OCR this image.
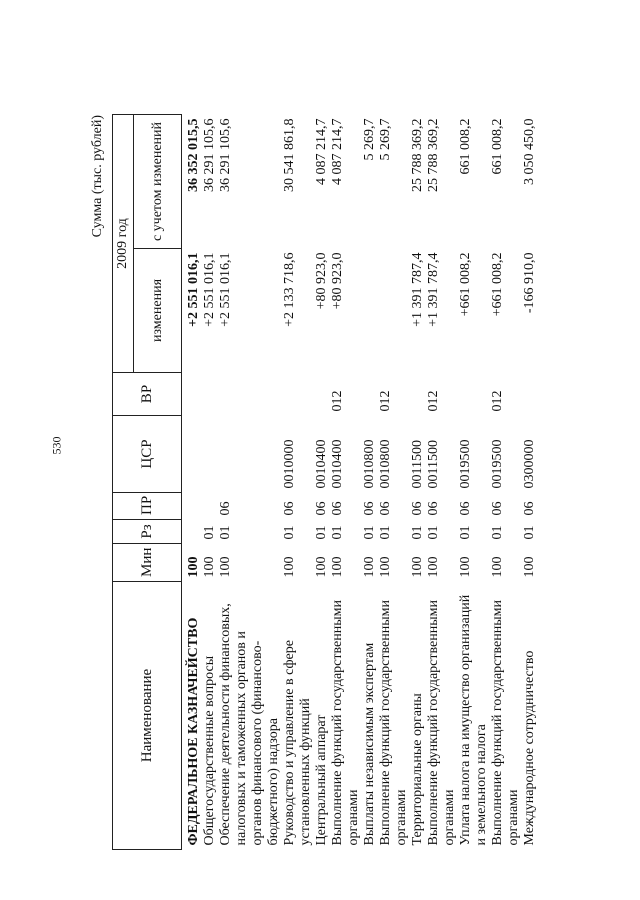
530
Сумма (тыс. рублей)
Наименование	Мин	Рз	ПР	ЦСР	ВР	2009 год	
						изменения	с учетом изменений
ФЕДЕРАЛЬНОЕ КАЗНАЧЕЙСТВО	100					+2 551 016,1	36 352 015,5
Общегосударственные вопросы	100	01				+2 551 016,1	36 291 105,6
Обеспечение деятельности финансовых, налоговых и таможенных органов и органов финансового (финансово-бюджетного) надзора	100	01	06			+2 551 016,1	36 291 105,6
Руководство и управление в сфере установленных функций	100	01	06	0010000		+2 133 718,6	30 541 861,8
Центральный аппарат	100	01	06	0010400		+80 923,0	4 087 214,7
Выполнение функций государственными органами	100	01	06	0010400	012	+80 923,0	4 087 214,7
Выплаты независимым экспертам	100	01	06	0010800			5 269,7
Выполнение функций государственными органами	100	01	06	0010800	012		5 269,7
Территориальные органы	100	01	06	0011500		+1 391 787,4	25 788 369,2
Выполнение функций государственными органами	100	01	06	0011500	012	+1 391 787,4	25 788 369,2
Уплата налога на имущество организаций и земельного налога	100	01	06	0019500		+661 008,2	661 008,2
Выполнение функций государственными органами	100	01	06	0019500	012	+661 008,2	661 008,2
Международное сотрудничество	100	01	06	0300000		-166 910,0	3 050 450,0
